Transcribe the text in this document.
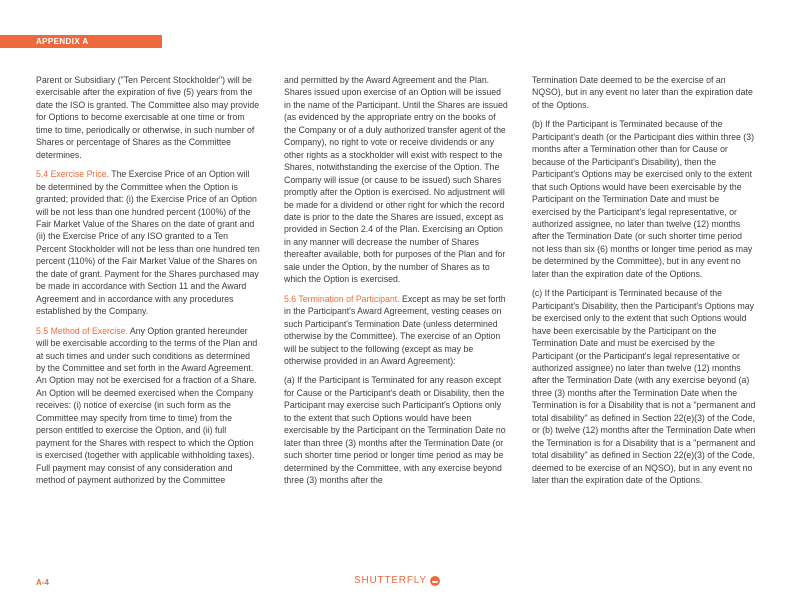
APPENDIX A

Parent or Subsidiary ("Ten Percent Stockholder") will be exercisable after the expiration of five (5) years from the date the ISO is granted. The Committee also may provide for Options to become exercisable at one time or from time to time, periodically or otherwise, in such number of Shares or percentage of Shares as the Committee determines.

5.4 Exercise Price. The Exercise Price of an Option will be determined by the Committee when the Option is granted; provided that: (i) the Exercise Price of an Option will be not less than one hundred percent (100%) of the Fair Market Value of the Shares on the date of grant and (ii) the Exercise Price of any ISO granted to a Ten Percent Stockholder will not be less than one hundred ten percent (110%) of the Fair Market Value of the Shares on the date of grant. Payment for the Shares purchased may be made in accordance with Section 11 and the Award Agreement and in accordance with any procedures established by the Company.

5.5 Method of Exercise. Any Option granted hereunder will be exercisable according to the terms of the Plan and at such times and under such conditions as determined by the Committee and set forth in the Award Agreement. An Option may not be exercised for a fraction of a Share. An Option will be deemed exercised when the Company receives: (i) notice of exercise (in such form as the Committee may specify from time to time) from the person entitled to exercise the Option, and (ii) full payment for the Shares with respect to which the Option is exercised (together with applicable withholding taxes). Full payment may consist of any consideration and method of payment authorized by the Committee

and permitted by the Award Agreement and the Plan. Shares issued upon exercise of an Option will be issued in the name of the Participant. Until the Shares are issued (as evidenced by the appropriate entry on the books of the Company or of a duly authorized transfer agent of the Company), no right to vote or receive dividends or any other rights as a stockholder will exist with respect to the Shares, notwithstanding the exercise of the Option. The Company will issue (or cause to be issued) such Shares promptly after the Option is exercised. No adjustment will be made for a dividend or other right for which the record date is prior to the date the Shares are issued, except as provided in Section 2.4 of the Plan. Exercising an Option in any manner will decrease the number of Shares thereafter available, both for purposes of the Plan and for sale under the Option, by the number of Shares as to which the Option is exercised.

5.6 Termination of Participant. Except as may be set forth in the Participant's Award Agreement, vesting ceases on such Participant's Termination Date (unless determined otherwise by the Committee). The exercise of an Option will be subject to the following (except as may be otherwise provided in an Award Agreement):

(a) If the Participant is Terminated for any reason except for Cause or the Participant's death or Disability, then the Participant may exercise such Participant's Options only to the extent that such Options would have been exercisable by the Participant on the Termination Date no later than three (3) months after the Termination Date (or such shorter time period or longer time period as may be determined by the Committee, with any exercise beyond three (3) months after the

Termination Date deemed to be the exercise of an NQSO), but in any event no later than the expiration date of the Options.

(b) If the Participant is Terminated because of the Participant's death (or the Participant dies within three (3) months after a Termination other than for Cause or because of the Participant's Disability), then the Participant's Options may be exercised only to the extent that such Options would have been exercisable by the Participant on the Termination Date and must be exercised by the Participant's legal representative, or authorized assignee, no later than twelve (12) months after the Termination Date (or such shorter time period not less than six (6) months or longer time period as may be determined by the Committee), but in any event no later than the expiration date of the Options.

(c) If the Participant is Terminated because of the Participant's Disability, then the Participant's Options may be exercised only to the extent that such Options would have been exercisable by the Participant on the Termination Date and must be exercised by the Participant (or the Participant's legal representative or authorized assignee) no later than twelve (12) months after the Termination Date (with any exercise beyond (a) three (3) months after the Termination Date when the Termination is for a Disability that is not a "permanent and total disability" as defined in Section 22(e)(3) of the Code, or (b) twelve (12) months after the Termination Date when the Termination is for a Disability that is a "permanent and total disability" as defined in Section 22(e)(3) of the Code, deemed to be exercise of an NQSO), but in any event no later than the expiration date of the Options.

A-4	SHUTTERFLY
